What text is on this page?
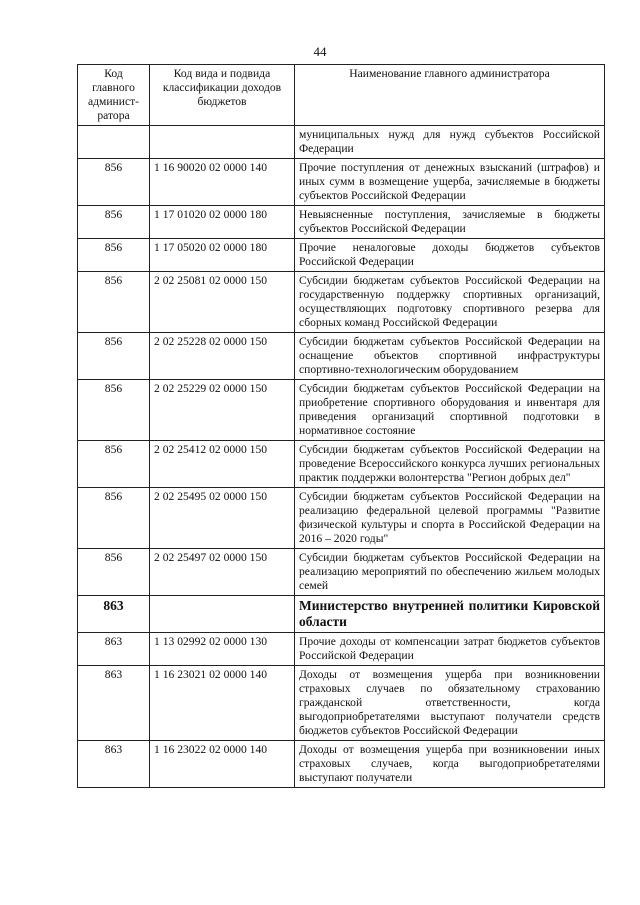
44
Код главного админист-ратора	Код вида и подвида классификации доходов бюджетов	Наименование главного администратора
		муниципальных нужд для нужд субъектов Российской Федерации
856	1 16 90020 02 0000 140	Прочие поступления от денежных взысканий (штрафов) и иных сумм в возмещение ущерба, зачисляемые в бюджеты субъектов Российской Федерации
856	1 17 01020 02 0000 180	Невыясненные поступления, зачисляемые в бюджеты субъектов Российской Федерации
856	1 17 05020 02 0000 180	Прочие неналоговые доходы бюджетов субъектов Российской Федерации
856	2 02 25081 02 0000 150	Субсидии бюджетам субъектов Российской Федерации на государственную поддержку спортивных организаций, осуществляющих подготовку спортивного резерва для сборных команд Российской Федерации
856	2 02 25228 02 0000 150	Субсидии бюджетам субъектов Российской Федерации на оснащение объектов спортивной инфраструктуры спортивно-технологическим оборудованием
856	2 02 25229 02 0000 150	Субсидии бюджетам субъектов Российской Федерации на приобретение спортивного оборудования и инвентаря для приведения организаций спортивной подготовки в нормативное состояние
856	2 02 25412 02 0000 150	Субсидии бюджетам субъектов Российской Федерации на проведение Всероссийского конкурса лучших региональных практик поддержки волонтерства "Регион добрых дел"
856	2 02 25495 02 0000 150	Субсидии бюджетам субъектов Российской Федерации на реализацию федеральной целевой программы "Развитие физической культуры и спорта в Российской Федерации на 2016 – 2020 годы"
856	2 02 25497 02 0000 150	Субсидии бюджетам субъектов Российской Федерации на реализацию мероприятий по обеспечению жильем молодых семей
863		Министерство внутренней политики Кировской области
863	1 13 02992 02 0000 130	Прочие доходы от компенсации затрат бюджетов субъектов Российской Федерации
863	1 16 23021 02 0000 140	Доходы от возмещения ущерба при возникновении страховых случаев по обязательному страхованию гражданской ответственности, когда выгодоприобретателями выступают получатели средств бюджетов субъектов Российской Федерации
863	1 16 23022 02 0000 140	Доходы от возмещения ущерба при возникновении иных страховых случаев, когда выгодоприобретателями выступают получатели
